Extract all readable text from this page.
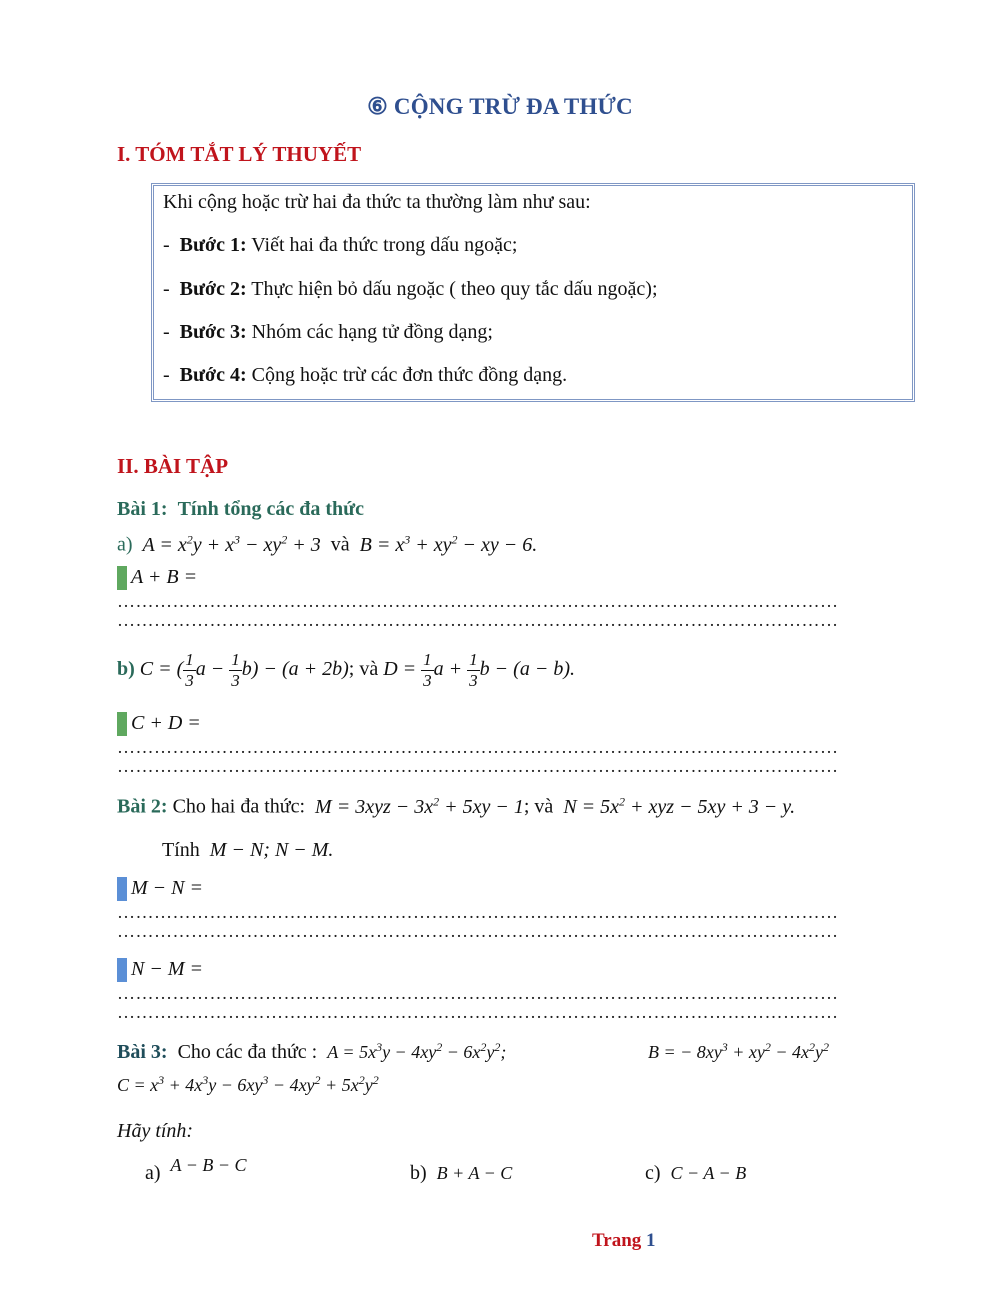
⑥ CỘNG TRỪ ĐA THỨC
I. TÓM TẮT LÝ THUYẾT
Khi cộng hoặc trừ hai đa thức ta thường làm như sau:
-  Bước 1: Viết hai đa thức trong dấu ngoặc;
-  Bước 2: Thực hiện bỏ dấu ngoặc ( theo quy tắc dấu ngoặc);
-  Bước 3: Nhóm các hạng tử đồng dạng;
-  Bước 4: Cộng hoặc trừ các đơn thức đồng dạng.
II. BÀI TẬP
Bài 1: Tính tổng các đa thức
a) $A = x^2y + x^3 - xy^2 + 3$ và $B = x^3 + xy^2$ − xy − 6.
A + B = ………………………………………………………………………………………………………
………………………………………………………………………………………………………
b) C = ( $\frac{1}{3}$ $a - \frac{1}{3} b) - (a + 2b)$; và $D = \frac{1}{3}$ $a + \frac{1}{3}$ b − (a − b).
C + D = ………………………………………………………………………………………………………
………………………………………………………………………………………………………
Bài 2: Cho hai đa thức: $M = 3xyz - 3x^2 + 5xy - 1$; và $N = 5x^2$ + xyz − 5xy + 3 − y.
Tính M − N; N − M.
M − N = ………………………………………………………………………………………………………
………………………………………………………………………………………………………
N − M = ………………………………………………………………………………………………………
………………………………………………………………………………………………………
Bài 3: Cho các đa thức : $A = 5x^3y - 4xy^2 - 6x^2y^2$;	B = − $8xy^3 + xy^2 - 4x^2y^2$
$C = x^3 + 4x^3y - 6xy^3 - 4xy^2 + 5x^2y^2$
Hãy tính:
a) A − B − C	b) B + A − C	c) C − A − B
Trang 1
